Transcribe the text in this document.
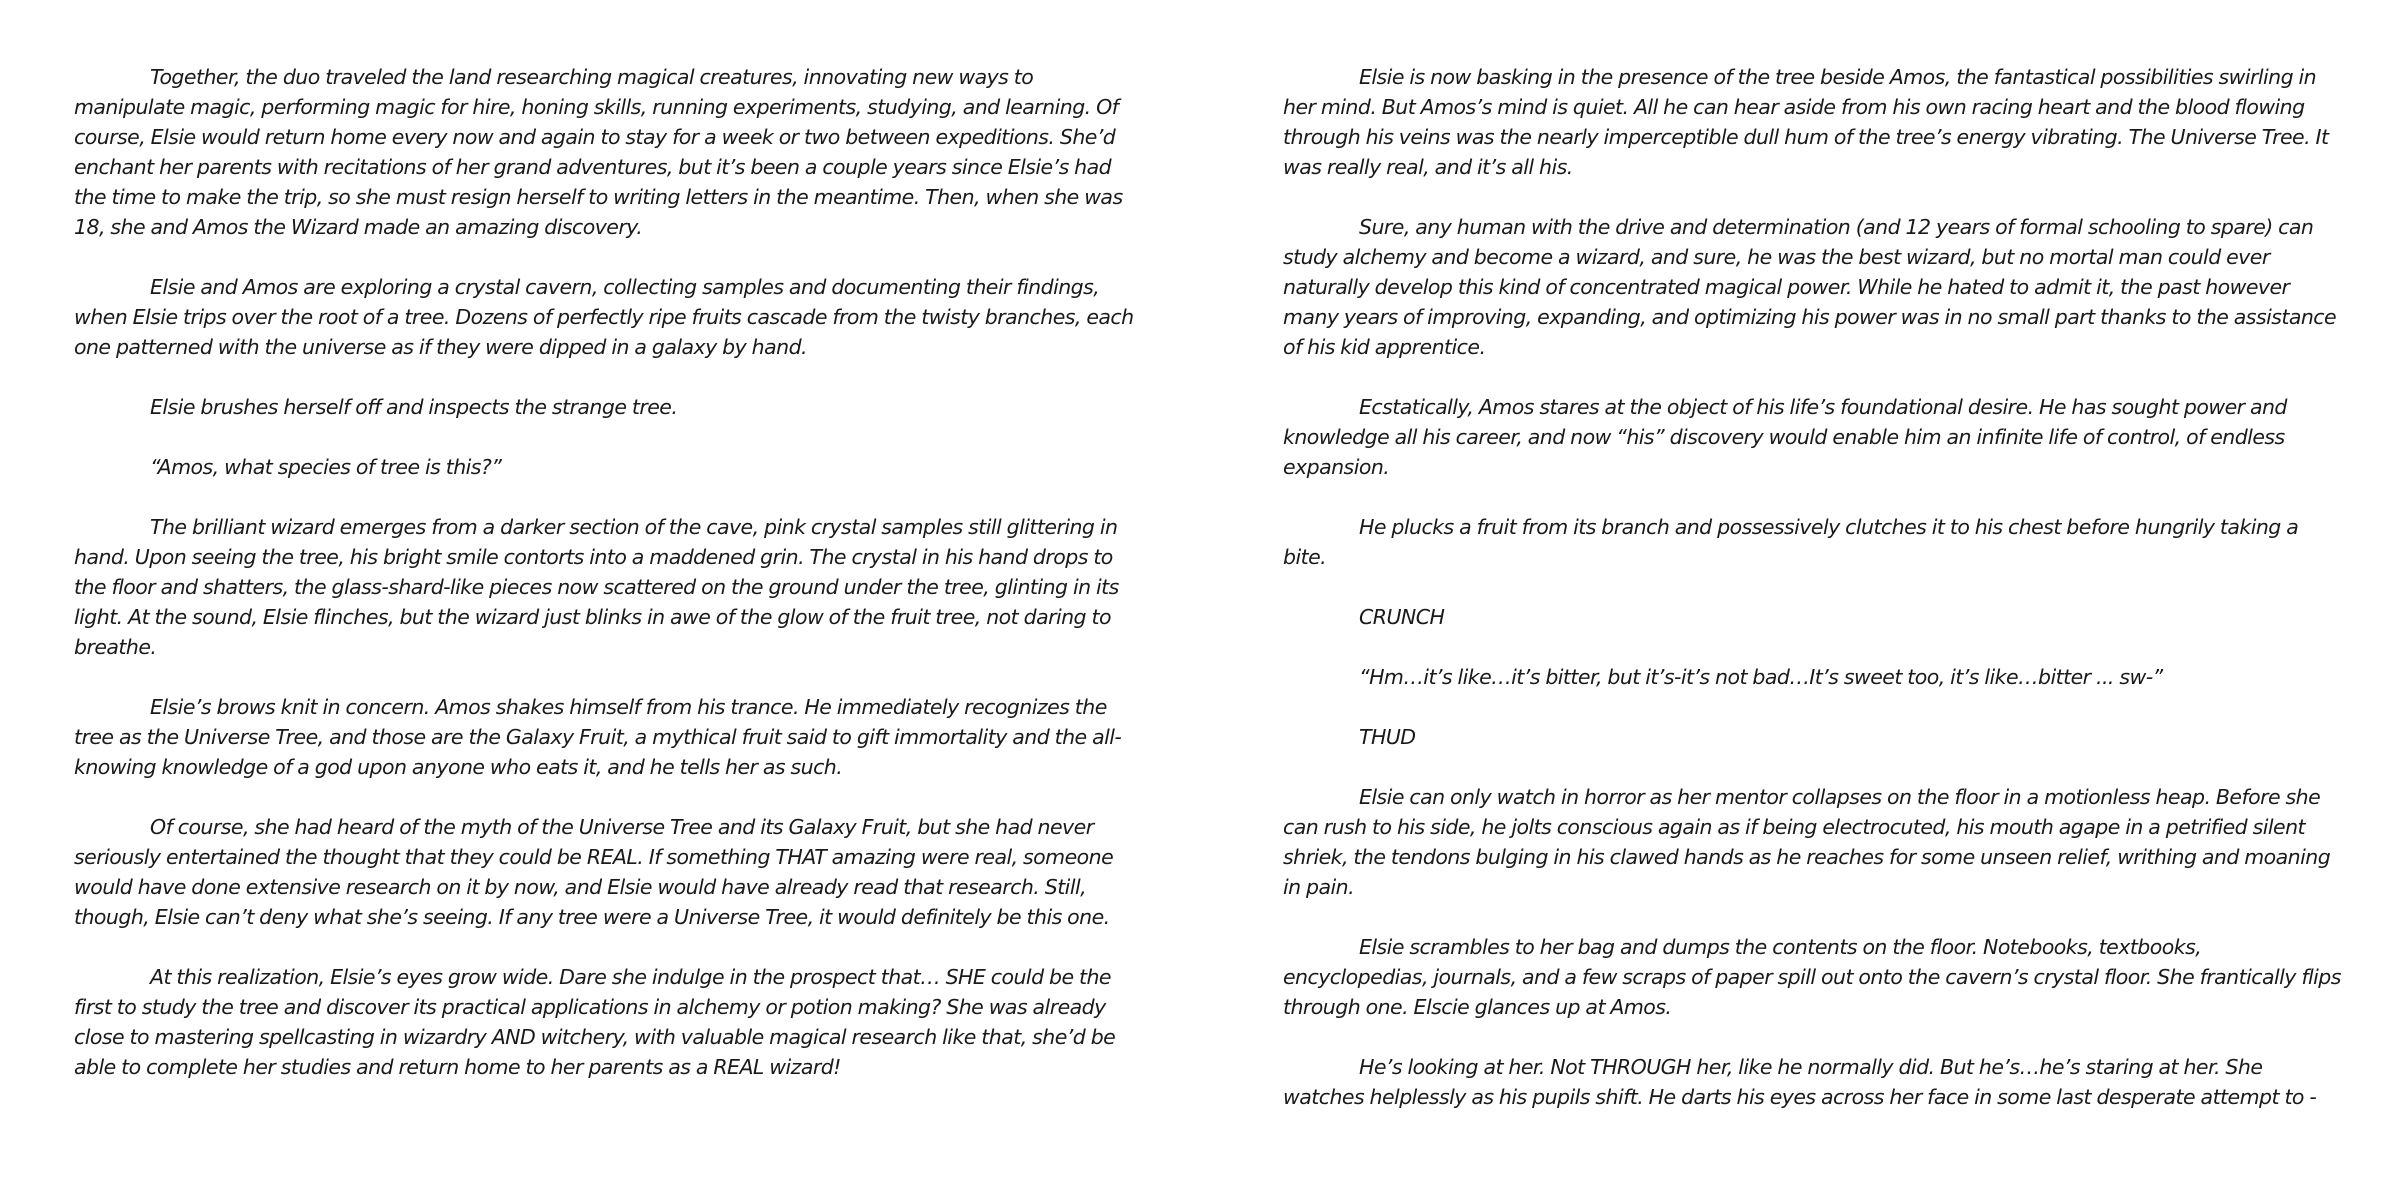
Together, the duo traveled the land researching magical creatures, innovating new ways to manipulate magic, performing magic for hire, honing skills, running experiments, studying, and learning. Of course, Elsie would return home every now and again to stay for a week or two between expeditions. She’d enchant her parents with recitations of her grand adventures, but it’s been a couple years since Elsie’s had the time to make the trip, so she must resign herself to writing letters in the meantime. Then, when she was 18, she and Amos the Wizard made an amazing discovery.

Elsie and Amos are exploring a crystal cavern, collecting samples and documenting their findings, when Elsie trips over the root of a tree. Dozens of perfectly ripe fruits cascade from the twisty branches, each one patterned with the universe as if they were dipped in a galaxy by hand.

Elsie brushes herself off and inspects the strange tree.

“Amos, what species of tree is this?”

The brilliant wizard emerges from a darker section of the cave, pink crystal samples still glittering in hand. Upon seeing the tree, his bright smile contorts into a maddened grin. The crystal in his hand drops to the floor and shatters, the glass-shard-like pieces now scattered on the ground under the tree, glinting in its light. At the sound, Elsie flinches, but the wizard just blinks in awe of the glow of the fruit tree, not daring to breathe.

Elsie’s brows knit in concern. Amos shakes himself from his trance. He immediately recognizes the tree as the Universe Tree, and those are the Galaxy Fruit, a mythical fruit said to gift immortality and the all-knowing knowledge of a god upon anyone who eats it, and he tells her as such.

Of course, she had heard of the myth of the Universe Tree and its Galaxy Fruit, but she had never seriously entertained the thought that they could be REAL. If something THAT amazing were real, someone would have done extensive research on it by now, and Elsie would have already read that research. Still, though, Elsie can’t deny what she’s seeing. If any tree were a Universe Tree, it would definitely be this one.

At this realization, Elsie’s eyes grow wide. Dare she indulge in the prospect that… SHE could be the first to study the tree and discover its practical applications in alchemy or potion making? She was already close to mastering spellcasting in wizardry AND witchery, with valuable magical research like that, she’d be able to complete her studies and return home to her parents as a REAL wizard!

Elsie is now basking in the presence of the tree beside Amos, the fantastical possibilities swirling in her mind. But Amos’s mind is quiet. All he can hear aside from his own racing heart and the blood flowing through his veins was the nearly imperceptible dull hum of the tree’s energy vibrating. The Universe Tree. It was really real, and it’s all his.

Sure, any human with the drive and determination (and 12 years of formal schooling to spare) can study alchemy and become a wizard, and sure, he was the best wizard, but no mortal man could ever naturally develop this kind of concentrated magical power. While he hated to admit it, the past however many years of improving, expanding, and optimizing his power was in no small part thanks to the assistance of his kid apprentice.

Ecstatically, Amos stares at the object of his life’s foundational desire. He has sought power and knowledge all his career, and now “his” discovery would enable him an infinite life of control, of endless expansion.

He plucks a fruit from its branch and possessively clutches it to his chest before hungrily taking a bite.

CRUNCH

“Hm…it’s like…it’s bitter, but it’s-it’s not bad…It’s sweet too, it’s like…bitter ... sw-”

THUD

Elsie can only watch in horror as her mentor collapses on the floor in a motionless heap. Before she can rush to his side, he jolts conscious again as if being electrocuted, his mouth agape in a petrified silent shriek, the tendons bulging in his clawed hands as he reaches for some unseen relief, writhing and moaning in pain.

Elsie scrambles to her bag and dumps the contents on the floor. Notebooks, textbooks, encyclopedias, journals, and a few scraps of paper spill out onto the cavern’s crystal floor. She frantically flips through one. Elscie glances up at Amos.

He’s looking at her. Not THROUGH her, like he normally did. But he’s…he’s staring at her. She watches helplessly as his pupils shift. He darts his eyes across her face in some last desperate attempt to -
